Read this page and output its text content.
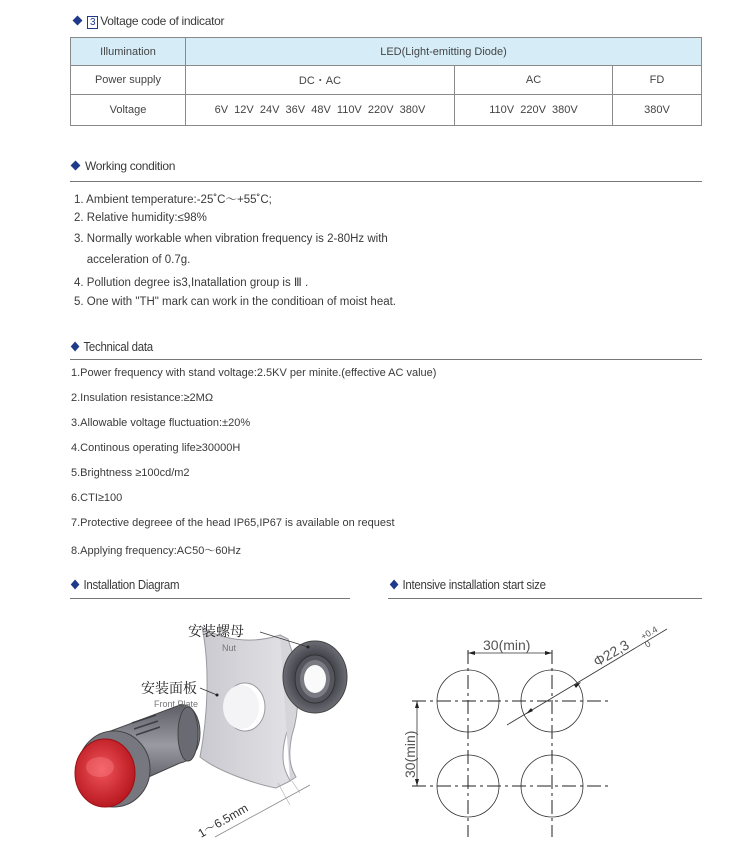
3 Voltage code of indicator
Illumination	LED(Light-emitting Diode)		
Power supply	DC・AC	AC	FD
Voltage	6V  12V  24V  36V  48V  110V  220V  380V	110V  220V  380V	380V
Working condition
1. Ambient temperature:-25˚C～+55˚C;
2. Relative humidity:≤98%
3. Normally workable when vibration frequency is 2-80Hz with
acceleration of 0.7g.
4. Pollution degree is3,Inatallation group is Ⅲ .
5. One with "TH" mark can work in the conditioan of moist heat.
Technical data
1.Power frequency with stand voltage:2.5KV per minite.(effective AC value)
2.Insulation resistance:≥2MΩ
3.Allowable voltage fluctuation:±20%
4.Continous operating life≥30000H
5.Brightness ≥100cd/m2
6.CTI≥100
7.Protective degreee of the head IP65,IP67 is available on request
8.Applying frequency:AC50～60Hz
Installation Diagram
1～6.5mm
安装螺母
Nut
安装面板
Front Plate
Intensive installation start size
30(min)
30(min)
Φ22,3
+0.4
0
